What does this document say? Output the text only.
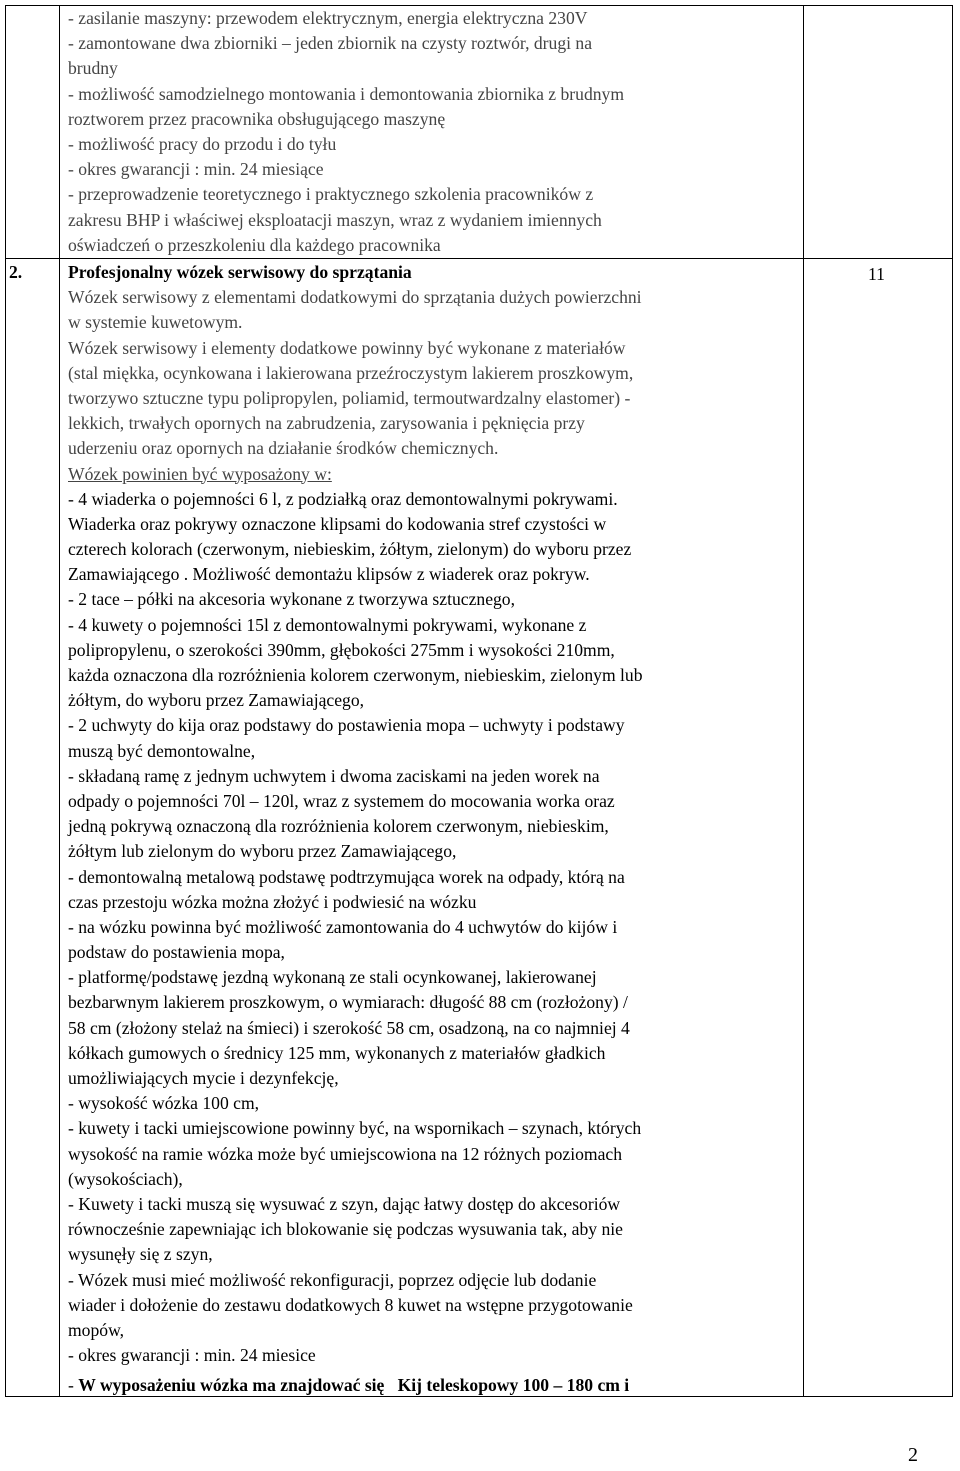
- zasilanie maszyny: przewodem elektrycznym, energia elektryczna 230V
- zamontowane dwa zbiorniki – jeden zbiornik na czysty roztwór, drugi na
brudny
- możliwość samodzielnego montowania i demontowania zbiornika z brudnym
roztworem przez pracownika obsługującego maszynę
- możliwość pracy do przodu i do tyłu
- okres gwarancji : min. 24 miesiące
- przeprowadzenie teoretycznego i praktycznego szkolenia pracowników z
zakresu BHP i właściwej eksploatacji maszyn, wraz z wydaniem imiennych
oświadczeń o przeszkoleniu dla każdego pracownika
2.	11
Profesjonalny wózek serwisowy do sprzątania
Wózek serwisowy z elementami dodatkowymi do sprzątania dużych powierzchni
w systemie kuwetowym.
Wózek serwisowy i elementy dodatkowe powinny być wykonane z materiałów
(stal miękka, ocynkowana i lakierowana przeźroczystym lakierem proszkowym,
tworzywo sztuczne typu polipropylen, poliamid, termoutwardzalny elastomer) -
lekkich, trwałych opornych na zabrudzenia, zarysowania i pęknięcia przy
uderzeniu oraz opornych na działanie środków chemicznych.
Wózek powinien być wyposażony w:
- 4 wiaderka o pojemności 6 l, z podziałką oraz demontowalnymi pokrywami.
Wiaderka oraz pokrywy oznaczone klipsami do kodowania stref czystości w
czterech kolorach (czerwonym, niebieskim, żółtym, zielonym) do wyboru przez
Zamawiającego . Możliwość demontażu klipsów z wiaderek oraz pokryw.
- 2 tace – półki na akcesoria wykonane z tworzywa sztucznego,
- 4 kuwety o pojemności 15l z demontowalnymi pokrywami, wykonane z
polipropylenu, o szerokości 390mm, głębokości 275mm i wysokości 210mm,
każda oznaczona dla rozróżnienia kolorem czerwonym, niebieskim, zielonym lub
żółtym, do wyboru przez Zamawiającego,
- 2 uchwyty do kija oraz podstawy do postawienia mopa – uchwyty i podstawy
muszą być demontowalne,
- składaną ramę z jednym uchwytem i dwoma zaciskami na jeden worek na
odpady o pojemności 70l – 120l, wraz z systemem do mocowania worka oraz
jedną pokrywą oznaczoną dla rozróżnienia kolorem czerwonym, niebieskim,
żółtym lub zielonym do wyboru przez Zamawiającego,
- demontowalną metalową podstawę podtrzymująca worek na odpady, którą na
czas przestoju wózka można złożyć i podwiesić na wózku
- na wózku powinna być możliwość zamontowania do 4 uchwytów do kijów i
podstaw do postawienia mopa,
- platformę/podstawę jezdną wykonaną ze stali ocynkowanej, lakierowanej
bezbarwnym lakierem proszkowym, o wymiarach: długość 88 cm (rozłożony) /
58 cm (złożony stelaż na śmieci) i szerokość 58 cm, osadzoną, na co najmniej 4
kółkach gumowych o średnicy 125 mm, wykonanych z materiałów gładkich
umożliwiających mycie i dezynfekcję,
- wysokość wózka 100 cm,
- kuwety i tacki umiejscowione powinny być, na wspornikach – szynach, których
wysokość na ramie wózka może być umiejscowiona na 12 różnych poziomach
(wysokościach),
- Kuwety i tacki muszą się wysuwać z szyn, dając łatwy dostęp do akcesoriów
równocześnie zapewniając ich blokowanie się podczas wysuwania tak, aby nie
wysunęły się z szyn,
- Wózek musi mieć możliwość rekonfiguracji, poprzez odjęcie lub dodanie
wiader i dołożenie do zestawu dodatkowych 8 kuwet na wstępne przygotowanie
mopów,
- okres gwarancji : min. 24 miesice
- W wyposażeniu wózka ma znajdować się   Kij teleskopowy 100 – 180 cm i
2
